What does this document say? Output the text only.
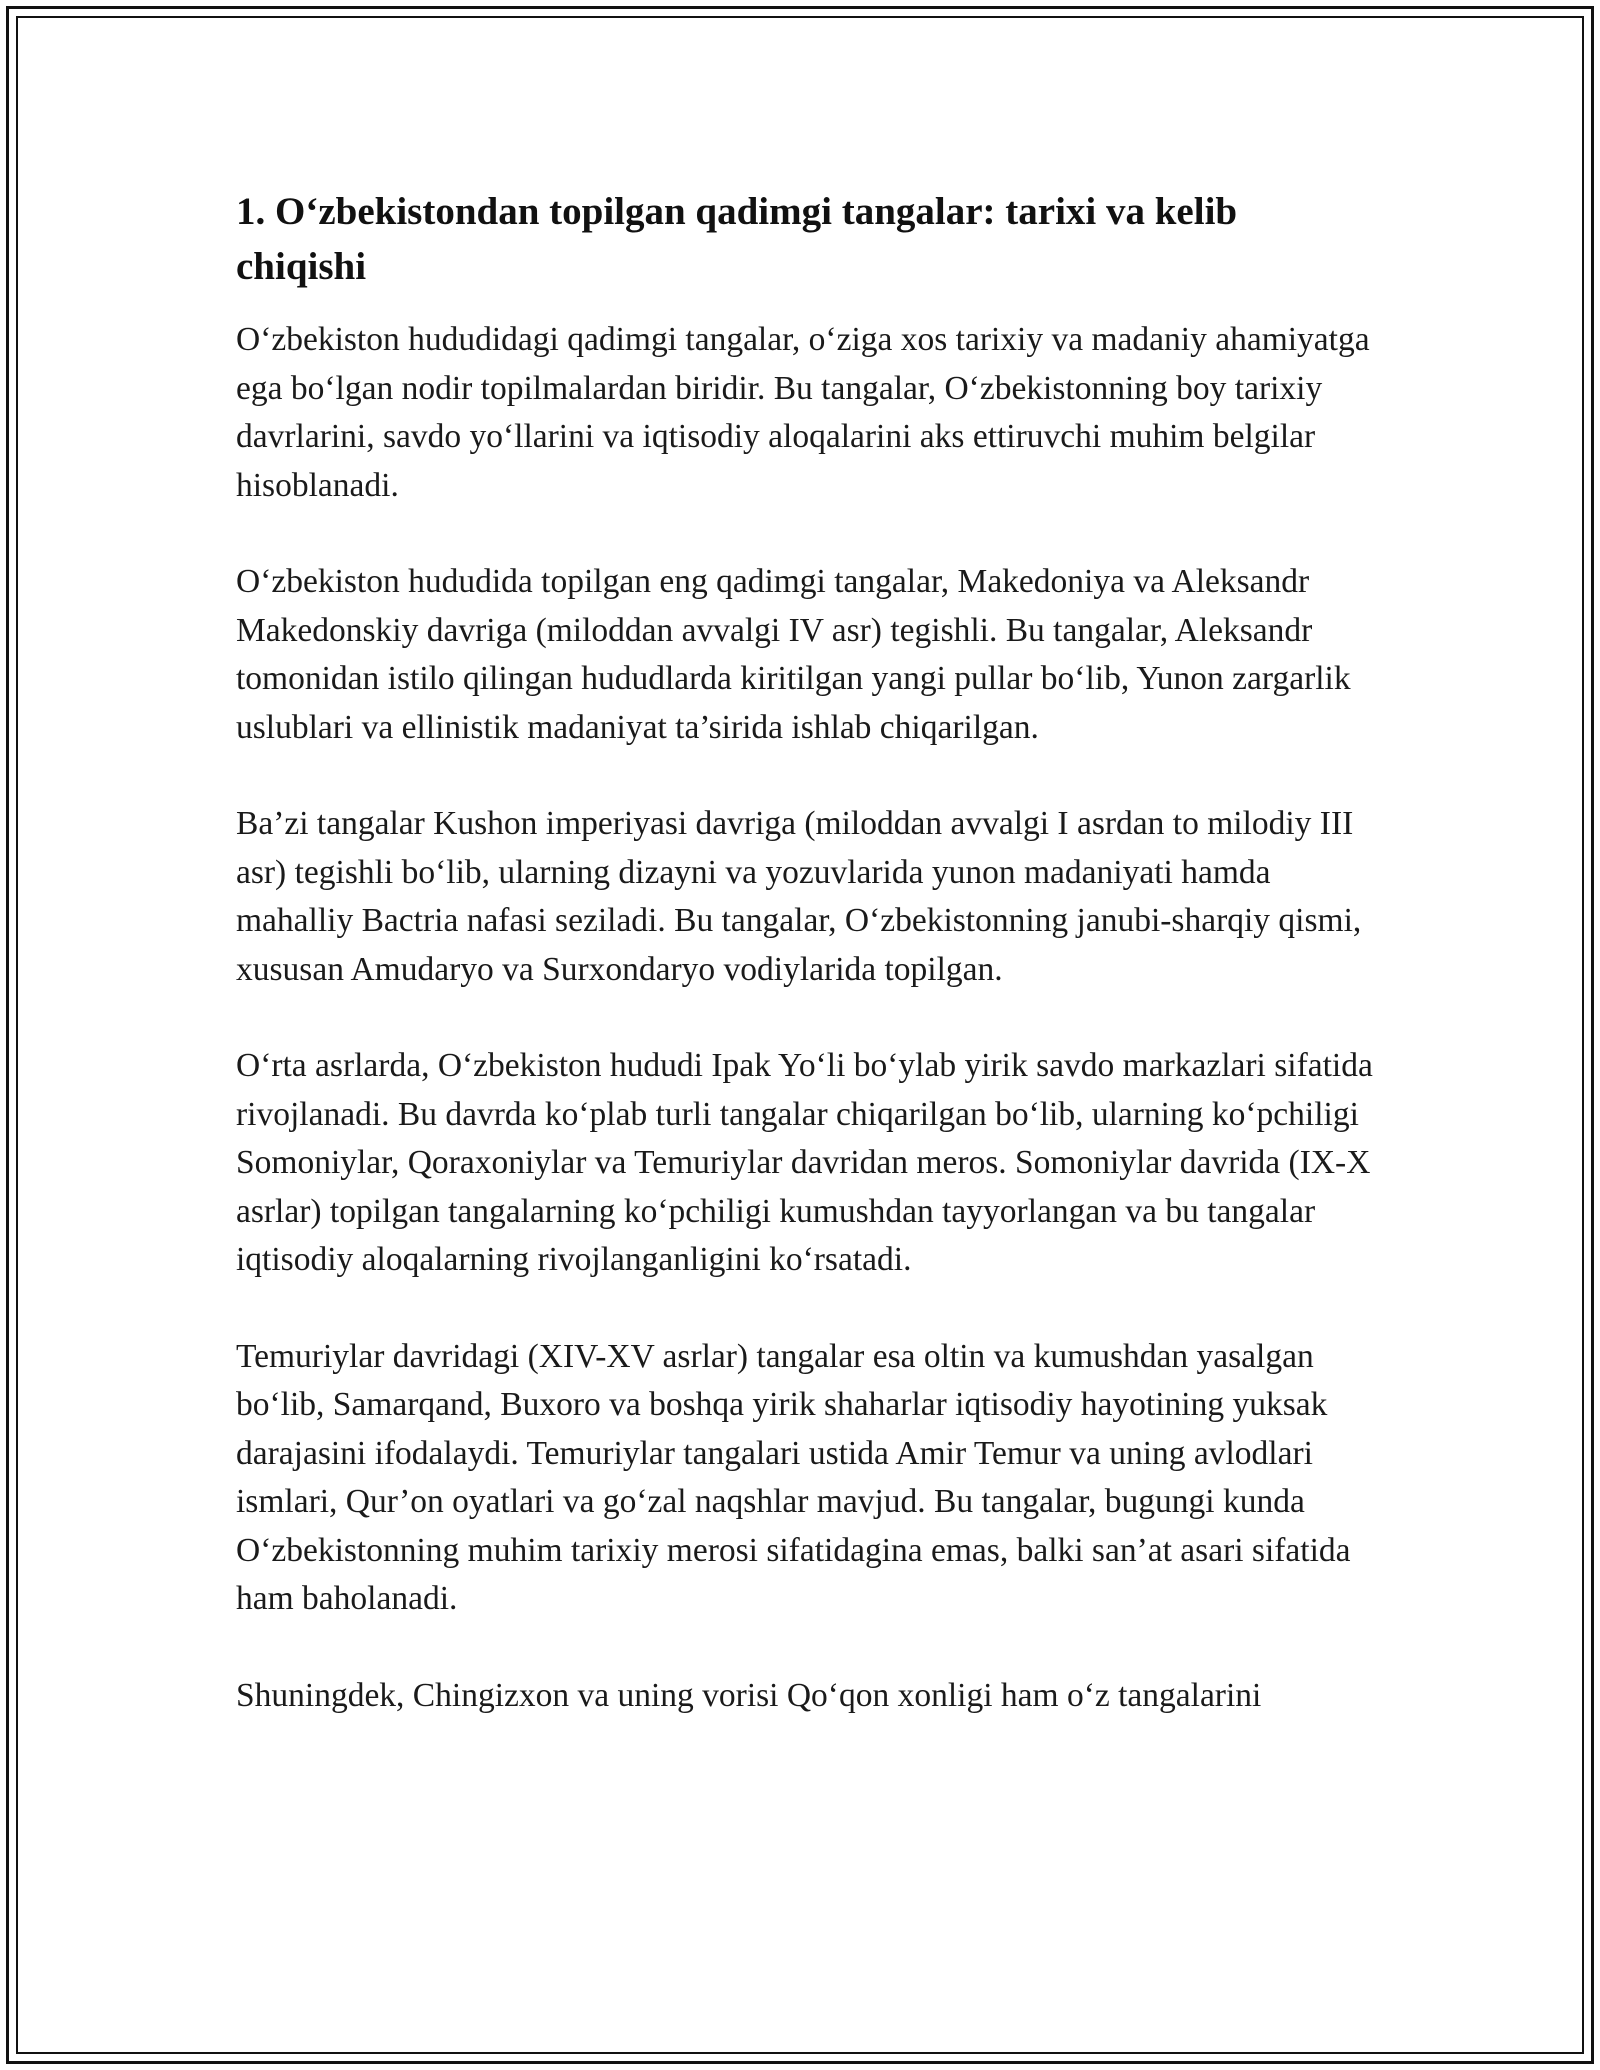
1. O‘zbekistondan topilgan qadimgi tangalar: tarixi va kelib chiqishi

O‘zbekiston hududidagi qadimgi tangalar, o‘ziga xos tarixiy va madaniy ahamiyatga ega bo‘lgan nodir topilmalardan biridir. Bu tangalar, O‘zbekistonning boy tarixiy davrlarini, savdo yo‘llarini va iqtisodiy aloqalarini aks ettiruvchi muhim belgilar hisoblanadi.

O‘zbekiston hududida topilgan eng qadimgi tangalar, Makedoniya va Aleksandr Makedonskiy davriga (miloddan avvalgi IV asr) tegishli. Bu tangalar, Aleksandr tomonidan istilo qilingan hududlarda kiritilgan yangi pullar bo‘lib, Yunon zargarlik uslublari va ellinistik madaniyat ta’sirida ishlab chiqarilgan.

Ba’zi tangalar Kushon imperiyasi davriga (miloddan avvalgi I asrdan to milodiy III asr) tegishli bo‘lib, ularning dizayni va yozuvlarida yunon madaniyati hamda mahalliy Bactria nafasi seziladi. Bu tangalar, O‘zbekistonning janubi-sharqiy qismi, xususan Amudaryo va Surxondaryo vodiylarida topilgan.

O‘rta asrlarda, O‘zbekiston hududi Ipak Yo‘li bo‘ylab yirik savdo markazlari sifatida rivojlanadi. Bu davrda ko‘plab turli tangalar chiqarilgan bo‘lib, ularning ko‘pchiligi Somoniylar, Qoraxoniylar va Temuriylar davridan meros. Somoniylar davrida (IX-X asrlar) topilgan tangalarning ko‘pchiligi kumushdan tayyorlangan va bu tangalar iqtisodiy aloqalarning rivojlanganligini ko‘rsatadi.

Temuriylar davridagi (XIV-XV asrlar) tangalar esa oltin va kumushdan yasalgan bo‘lib, Samarqand, Buxoro va boshqa yirik shaharlar iqtisodiy hayotining yuksak darajasini ifodalaydi. Temuriylar tangalari ustida Amir Temur va uning avlodlari ismlari, Qur’on oyatlari va go‘zal naqshlar mavjud. Bu tangalar, bugungi kunda O‘zbekistonning muhim tarixiy merosi sifatidagina emas, balki san’at asari sifatida ham baholanadi.

Shuningdek, Chingizxon va uning vorisi Qo‘qon xonligi ham o‘z tangalarini
